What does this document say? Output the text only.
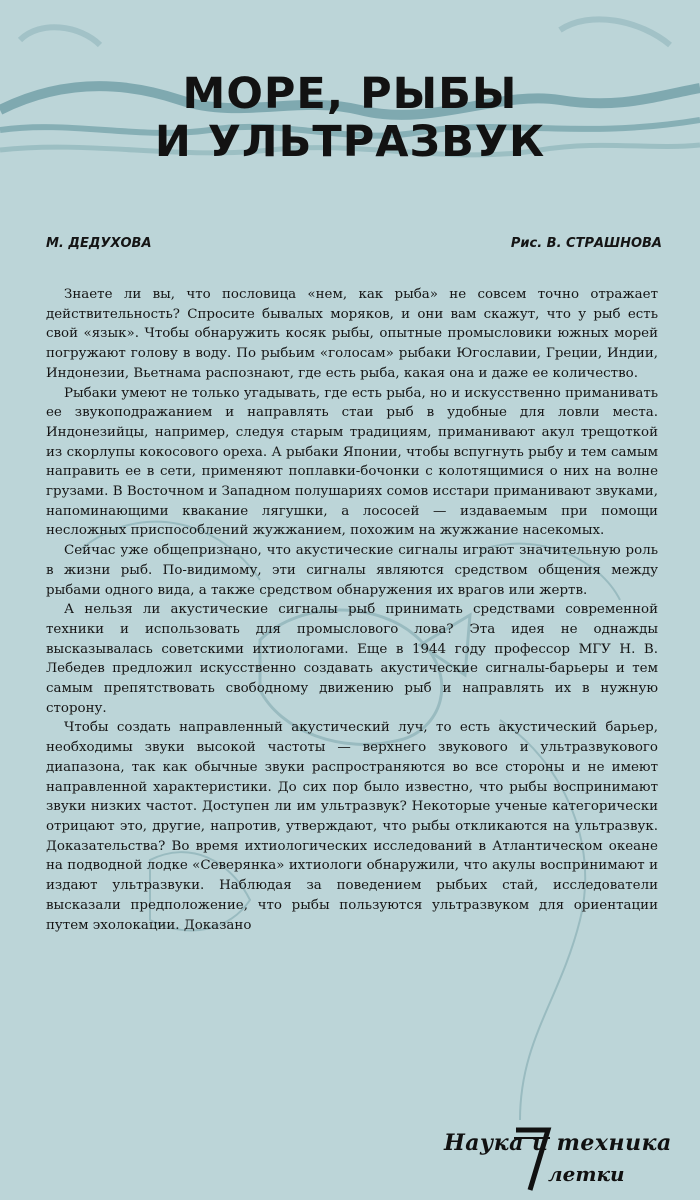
МОРЕ, РЫБЫ
И УЛЬТРАЗВУК
М. ДЕДУХОВА	Рис. В. СТРАШНОВА

Знаете ли вы, что пословица «нем, как рыба» не совсем точно отражает действительность? Спросите бывалых моряков, и они вам скажут, что у рыб есть свой «язык». Чтобы обнаружить косяк рыбы, опытные промысловики южных морей погружают голову в воду. По рыбьим «голосам» рыбаки Югославии, Греции, Индии, Индонезии, Вьетнама распознают, где есть рыба, какая она и даже ее количество.

Рыбаки умеют не только угадывать, где есть рыба, но и искусственно приманивать ее звукоподражанием и направлять стаи рыб в удобные для ловли места. Индонезийцы, например, следуя старым традициям, приманивают акул трещоткой из скорлупы кокосового ореха. А рыбаки Японии, чтобы вспугнуть рыбу и тем самым направить ее в сети, применяют поплавки-бочонки с колотящимися о них на волне грузами. В Восточном и Западном полушариях сомов исстари приманивают звуками, напоминающими квакание лягушки, а лососей — издаваемым при помощи несложных приспособлений жужжанием, похожим на жужжание насекомых.

Сейчас уже общепризнано, что акустические сигналы играют значительную роль в жизни рыб. По-видимому, эти сигналы являются средством общения между рыбами одного вида, а также средством обнаружения их врагов или жертв.

А нельзя ли акустические сигналы рыб принимать средствами современной техники и использовать для промыслового лова? Эта идея не однажды высказывалась советскими ихтиологами. Еще в 1944 году профессор МГУ Н. В. Лебедев предложил искусственно создавать акустические сигналы-барьеры и тем самым препятствовать свободному движению рыб и направлять их в нужную сторону.

Чтобы создать направленный акустический луч, то есть акустический барьер, необходимы звуки высокой частоты — верхнего звукового и ультразвукового диапазона, так как обычные звуки распространяются во все стороны и не имеют направленной характеристики. До сих пор было известно, что рыбы воспринимают звуки низких частот. Доступен ли им ультразвук? Некоторые ученые категорически отрицают это, другие, напротив, утверждают, что рыбы откликаются на ультразвук. Доказательства? Во время ихтиологических исследований в Атлантическом океане на подводной лодке «Северянка» ихтиологи обнаружили, что акулы воспринимают и издают ультразвуки. Наблюдая за поведением рыбьих стай, исследователи высказали предположение, что рыбы пользуются ультразвуком для ориентации путем эхолокации. Доказано

Наука и техника
летки
